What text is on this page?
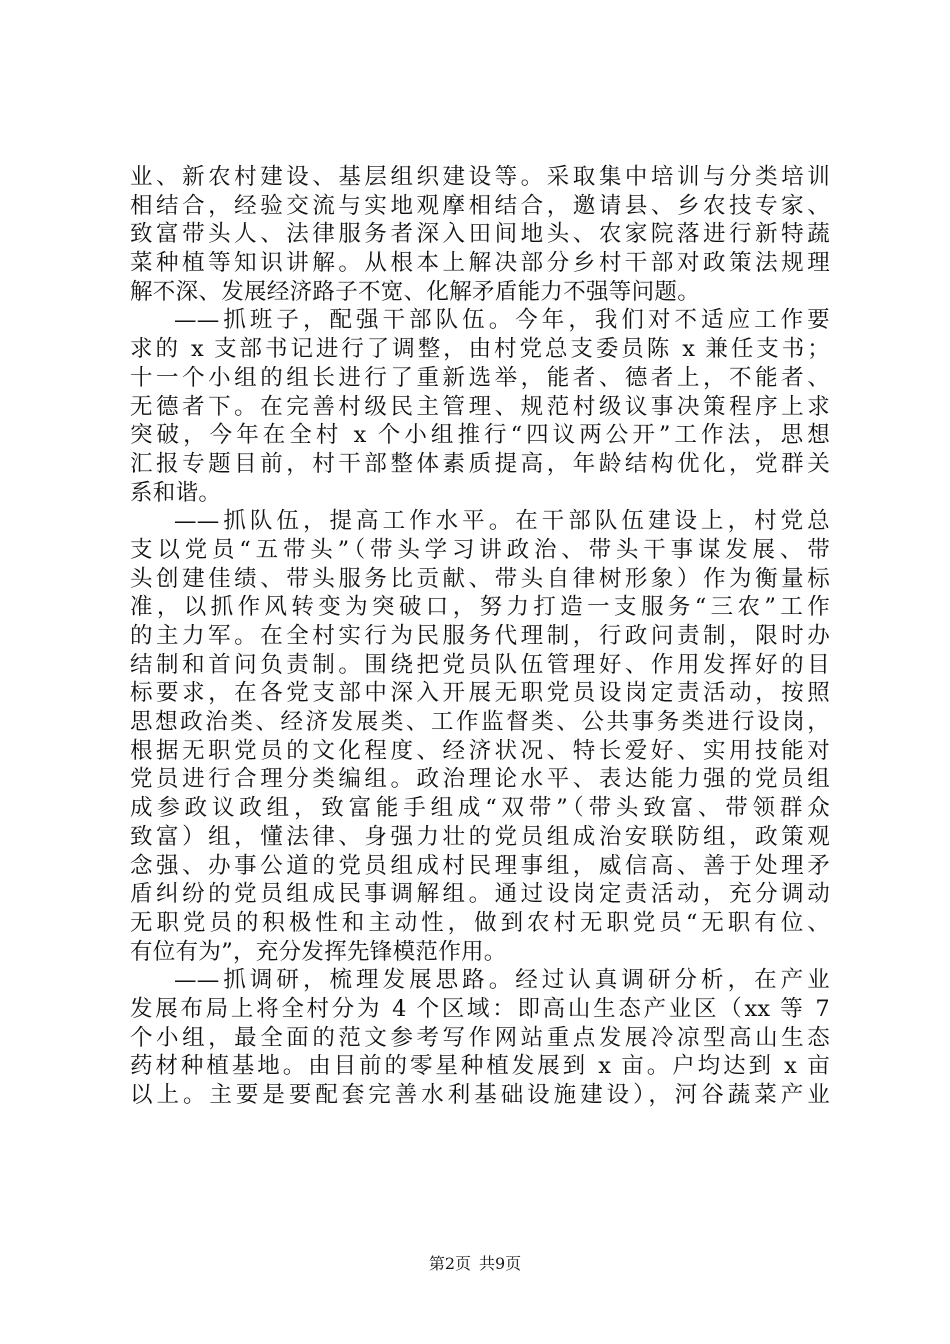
业、新农村建设、基层组织建设等。采取集中培训与分类培训
相结合，经验交流与实地观摩相结合，邀请县、乡农技专家、
致富带头人、法律服务者深入田间地头、农家院落进行新特蔬
菜种植等知识讲解。从根本上解决部分乡村干部对政策法规理
解不深、发展经济路子不宽、化解矛盾能力不强等问题。
——抓班子，配强干部队伍。今年，我们对不适应工作要
求的 x 支部书记进行了调整，由村党总支委员陈 x 兼任支书；
十一个小组的组长进行了重新选举，能者、德者上，不能者、
无德者下。在完善村级民主管理、规范村级议事决策程序上求
突破，今年在全村 x 个小组推行“四议两公开”工作法，思想
汇报专题目前，村干部整体素质提高，年龄结构优化，党群关
系和谐。
——抓队伍，提高工作水平。在干部队伍建设上，村党总
支以党员“五带头”（带头学习讲政治、带头干事谋发展、带
头创建佳绩、带头服务比贡献、带头自律树形象）作为衡量标
准，以抓作风转变为突破口，努力打造一支服务“三农”工作
的主力军。在全村实行为民服务代理制，行政问责制，限时办
结制和首问负责制。围绕把党员队伍管理好、作用发挥好的目
标要求，在各党支部中深入开展无职党员设岗定责活动，按照
思想政治类、经济发展类、工作监督类、公共事务类进行设岗，
根据无职党员的文化程度、经济状况、特长爱好、实用技能对
党员进行合理分类编组。政治理论水平、表达能力强的党员组
成参政议政组，致富能手组成“双带”（带头致富、带领群众
致富）组，懂法律、身强力壮的党员组成治安联防组，政策观
念强、办事公道的党员组成村民理事组，威信高、善于处理矛
盾纠纷的党员组成民事调解组。通过设岗定责活动，充分调动
无职党员的积极性和主动性，做到农村无职党员“无职有位、
有位有为”，充分发挥先锋模范作用。
——抓调研，梳理发展思路。经过认真调研分析，在产业
发展布局上将全村分为 4 个区域：即高山生态产业区（xx 等 7
个小组，最全面的范文参考写作网站重点发展冷凉型高山生态
药材种植基地。由目前的零星种植发展到 x 亩。户均达到 x 亩
以上。主要是要配套完善水利基础设施建设），河谷蔬菜产业
第2页 共9页
